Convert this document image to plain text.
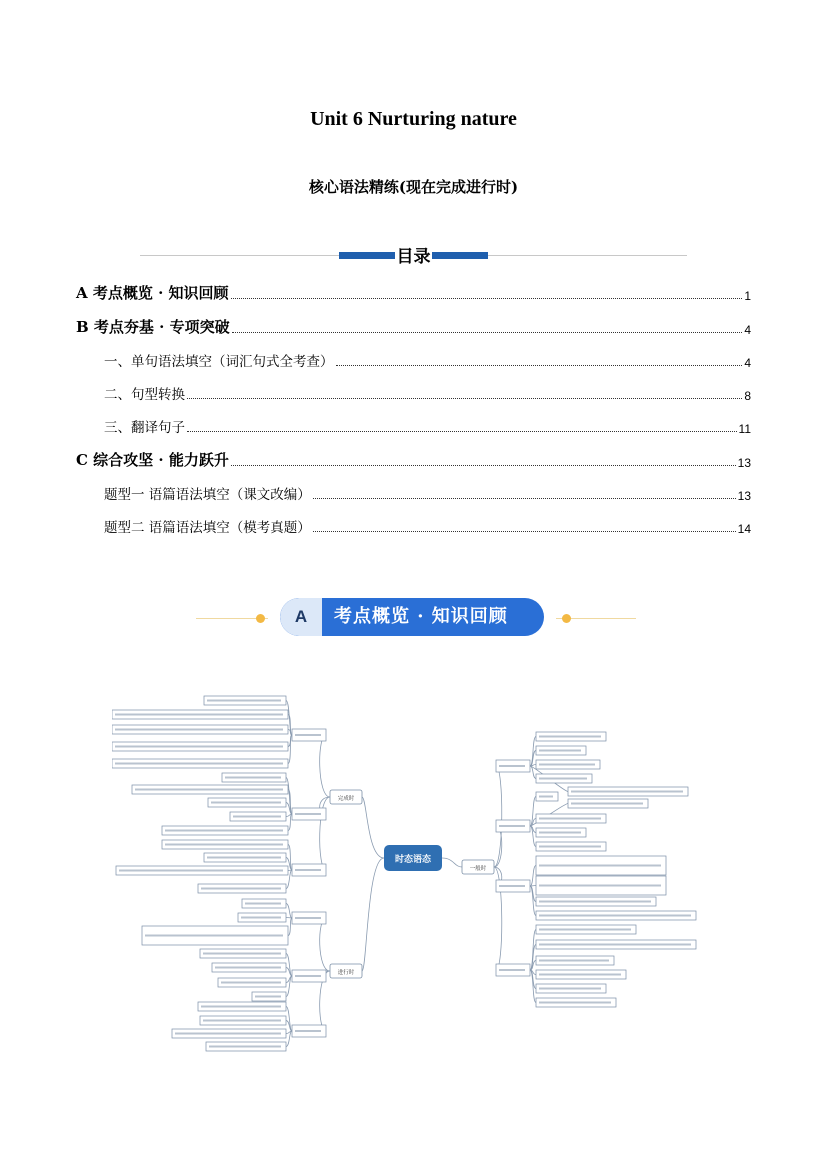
Unit 6 Nurturing nature
核心语法精练(现在完成进行时)
目录
A 考点概览 · 知识回顾	1
B 考点夯基 · 专项突破	4
一、单句语法填空（词汇句式全考查）	4
二、句型转换	8
三、翻译句子	11
C 综合攻坚 · 能力跃升	13
题型一 语篇语法填空（课文改编）	13
题型二 语篇语法填空（模考真题）	14
A	考点概览 · 知识回顾
时态语态
完成时
进行时
一般时
